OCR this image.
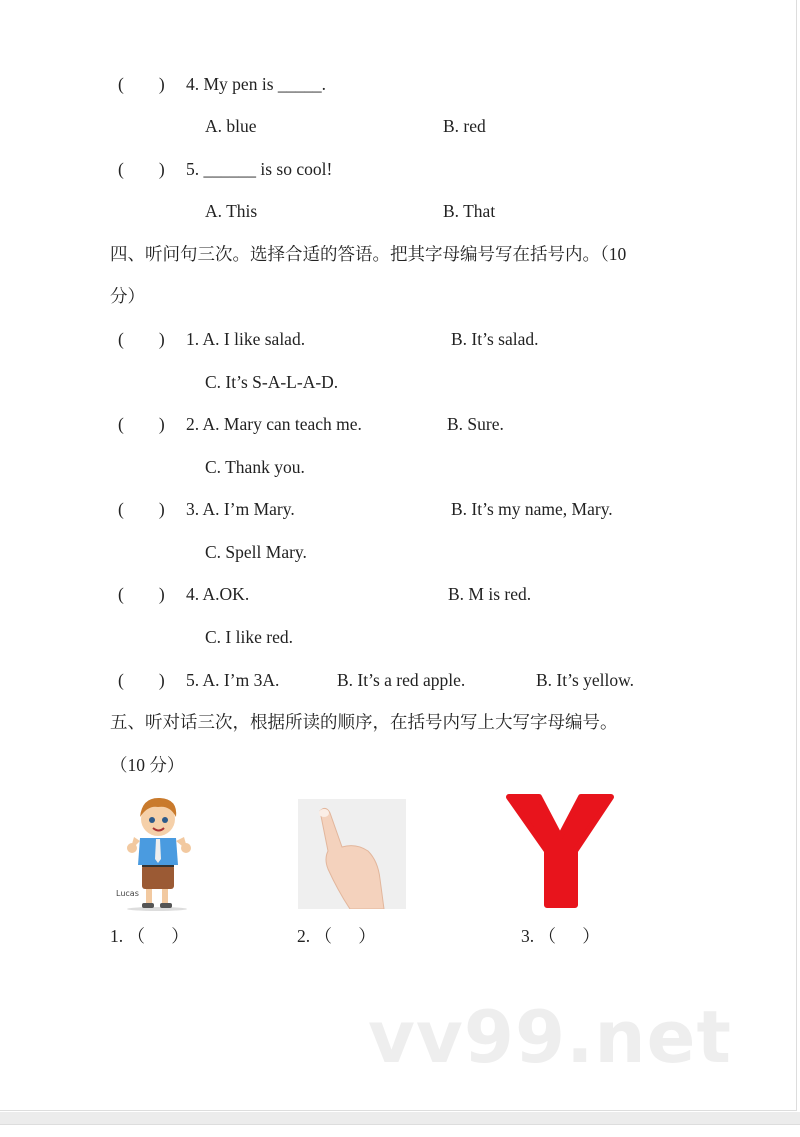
(        ) 4. My pen is _____.
A. blue	B. red
(        ) 5. ______ is so cool!
A. This	B. That
四、听问句三次。选择合适的答语。把其字母编号写在括号内。（10
分）
(        ) 1. A. I like salad.	B. It’s salad.
C. It’s S-A-L-A-D.
(        ) 2. A. Mary can teach me.	B. Sure.
C. Thank you.
(        ) 3. A. I’m Mary.	B. It’s my name, Mary.
C. Spell Mary.
(        ) 4. A.OK.	B. M is red.
C. I like red.
(        ) 5. A. I’m 3A.	B. It’s a red apple.	B. It’s yellow.
五、听对话三次，根据所读的顺序，在括号内写上大写字母编号。
（10 分）
Lucas
1. （      ）	2. （      ）	3. （      ）
vv99.net
